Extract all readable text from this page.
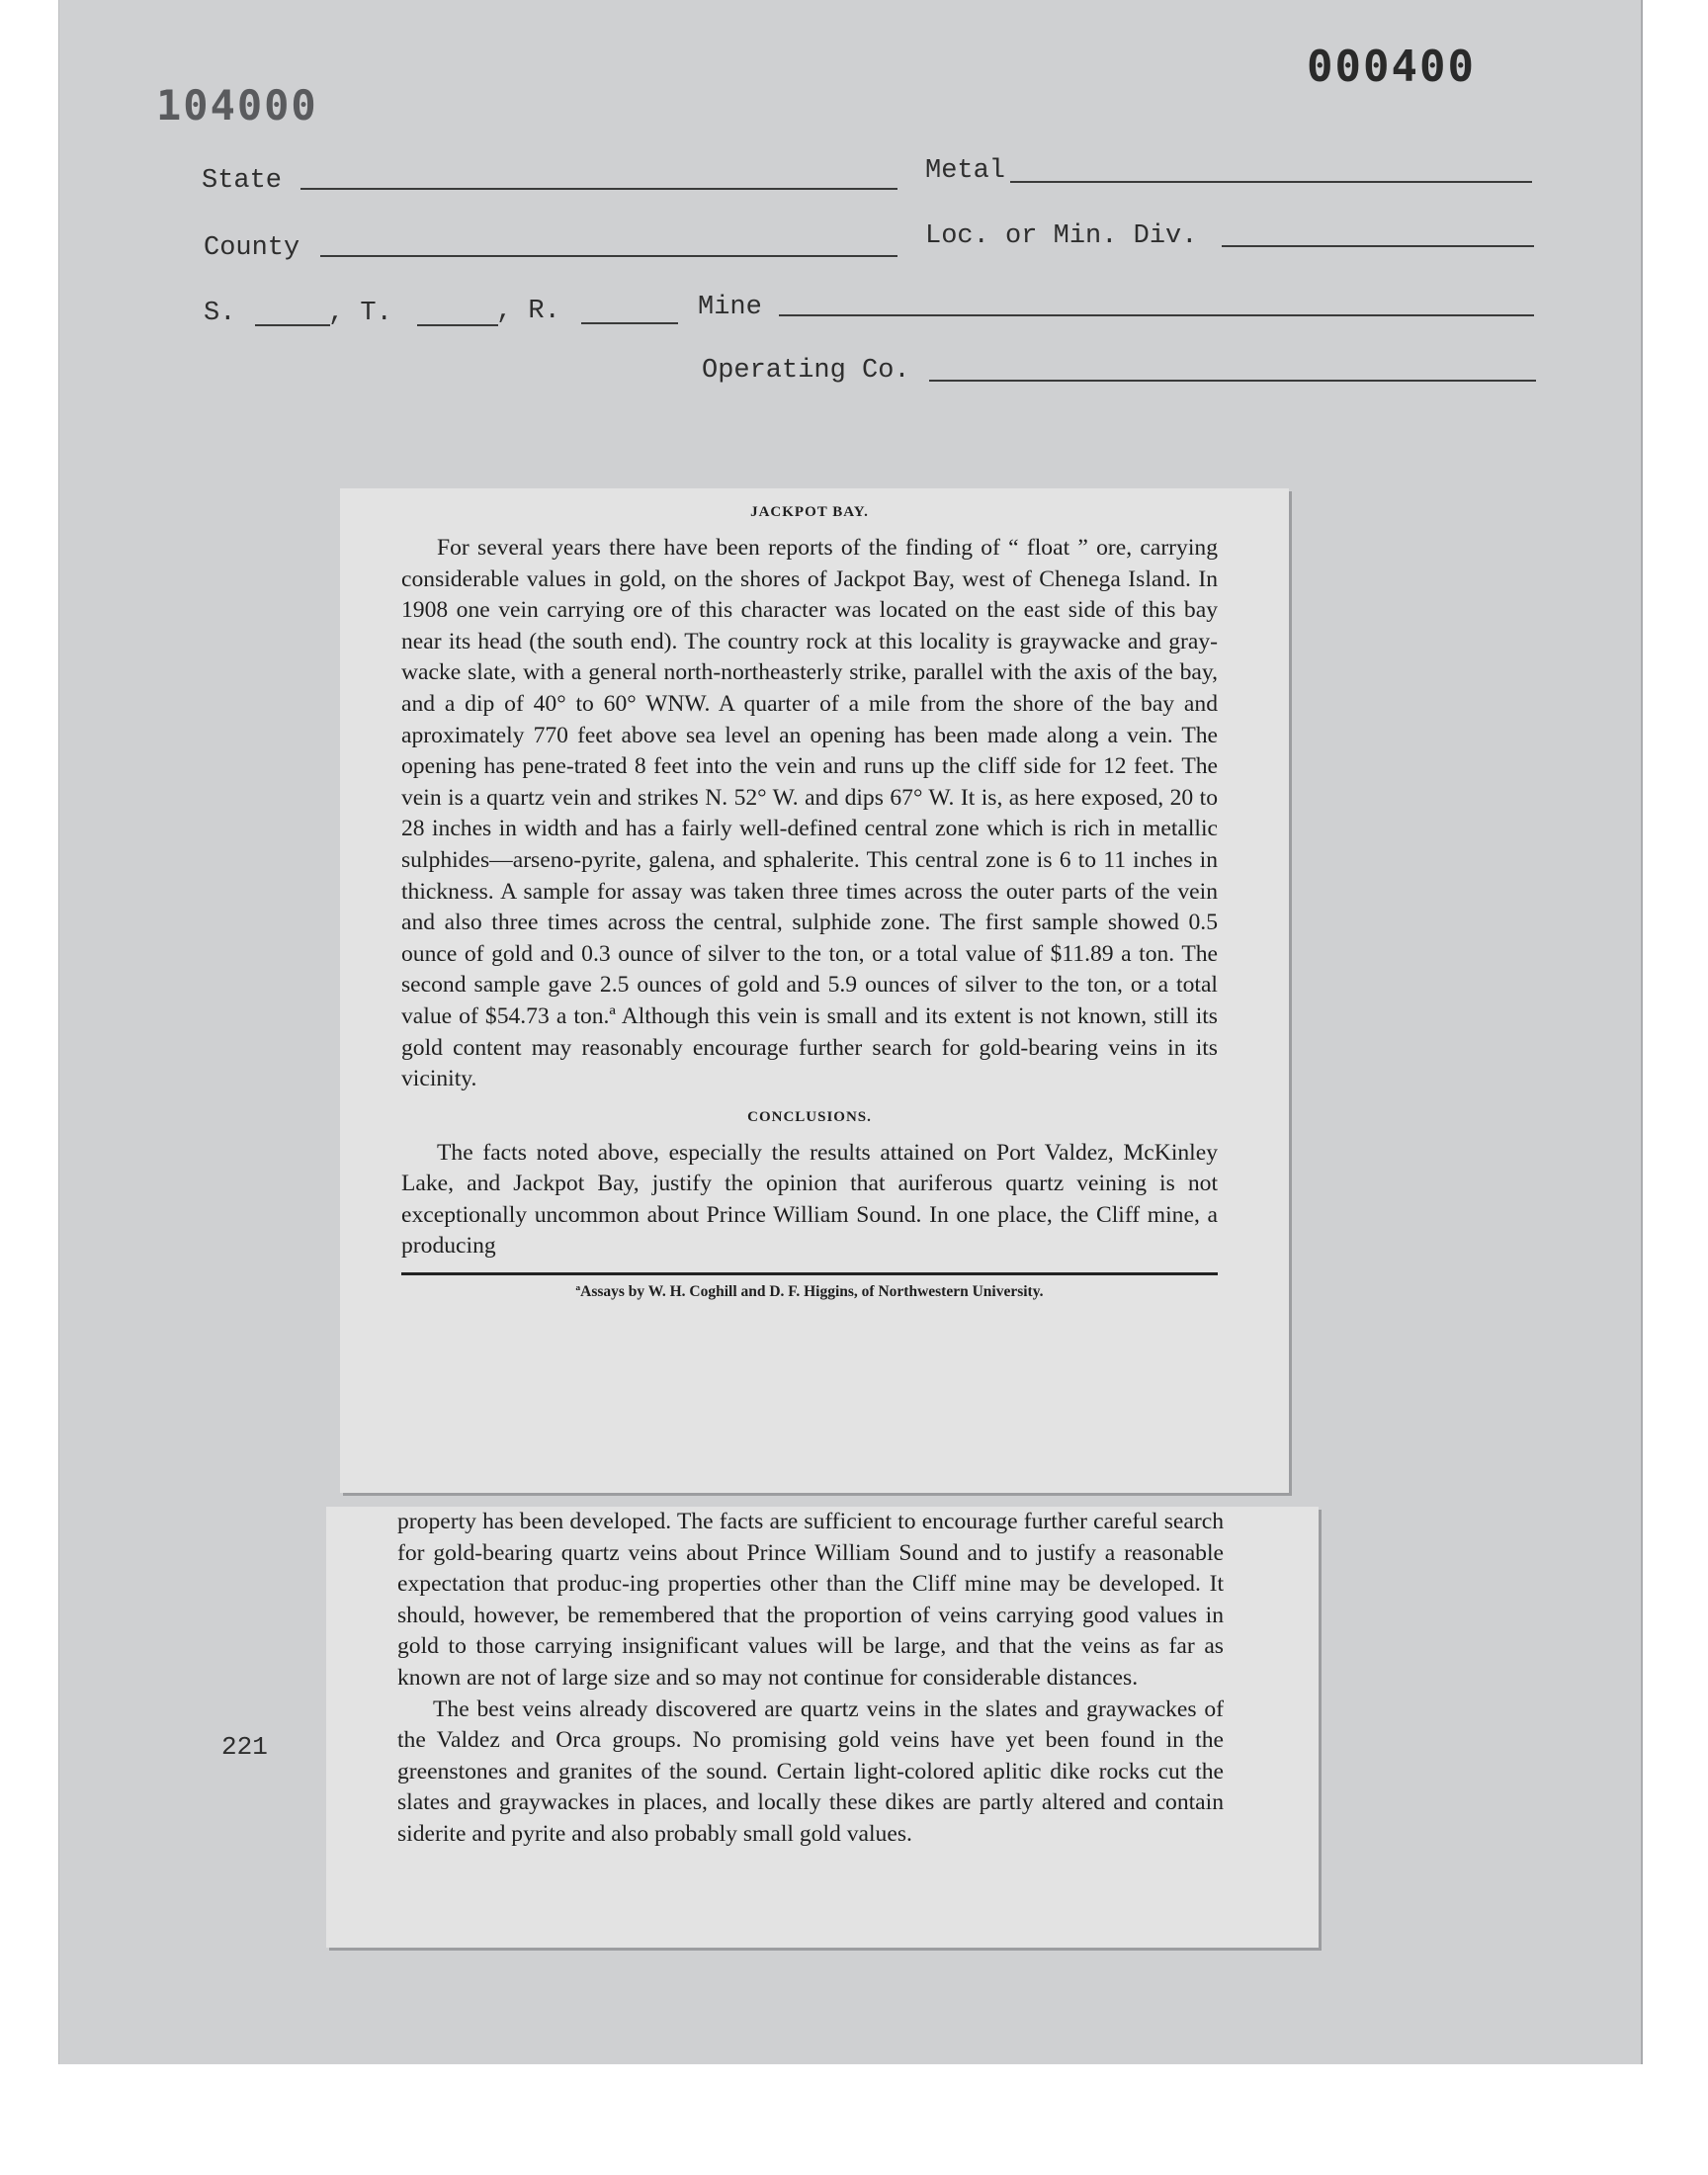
104000
000400
State	Metal
County	Loc. or Min. Div.
S.	, T.	, R.	Mine
Operating Co.
221
JACKPOT BAY.

For several years there have been reports of the finding of “ float ” ore, carrying considerable values in gold, on the shores of Jackpot Bay, west of Chenega Island. In 1908 one vein carrying ore of this character was located on the east side of this bay near its head (the south end). The country rock at this locality is graywacke and gray-wacke slate, with a general north-northeasterly strike, parallel with the axis of the bay, and a dip of 40° to 60° WNW. A quarter of a mile from the shore of the bay and aproximately 770 feet above sea level an opening has been made along a vein. The opening has pene-trated 8 feet into the vein and runs up the cliff side for 12 feet. The vein is a quartz vein and strikes N. 52° W. and dips 67° W. It is, as here exposed, 20 to 28 inches in width and has a fairly well-defined central zone which is rich in metallic sulphides—arseno-pyrite, galena, and sphalerite. This central zone is 6 to 11 inches in thickness. A sample for assay was taken three times across the outer parts of the vein and also three times across the central, sulphide zone. The first sample showed 0.5 ounce of gold and 0.3 ounce of silver to the ton, or a total value of $11.89 a ton. The second sample gave 2.5 ounces of gold and 5.9 ounces of silver to the ton, or a total value of $54.73 a ton.ª Although this vein is small and its extent is not known, still its gold content may reasonably encourage further search for gold-bearing veins in its vicinity.

CONCLUSIONS.

The facts noted above, especially the results attained on Port Valdez, McKinley Lake, and Jackpot Bay, justify the opinion that auriferous quartz veining is not exceptionally uncommon about Prince William Sound. In one place, the Cliff mine, a producing

ªAssays by W. H. Coghill and D. F. Higgins, of Northwestern University.

property has been developed. The facts are sufficient to encourage further careful search for gold-bearing quartz veins about Prince William Sound and to justify a reasonable expectation that produc-ing properties other than the Cliff mine may be developed. It should, however, be remembered that the proportion of veins carrying good values in gold to those carrying insignificant values will be large, and that the veins as far as known are not of large size and so may not continue for considerable distances.

The best veins already discovered are quartz veins in the slates and graywackes of the Valdez and Orca groups. No promising gold veins have yet been found in the greenstones and granites of the sound. Certain light-colored aplitic dike rocks cut the slates and graywackes in places, and locally these dikes are partly altered and contain siderite and pyrite and also probably small gold values.
